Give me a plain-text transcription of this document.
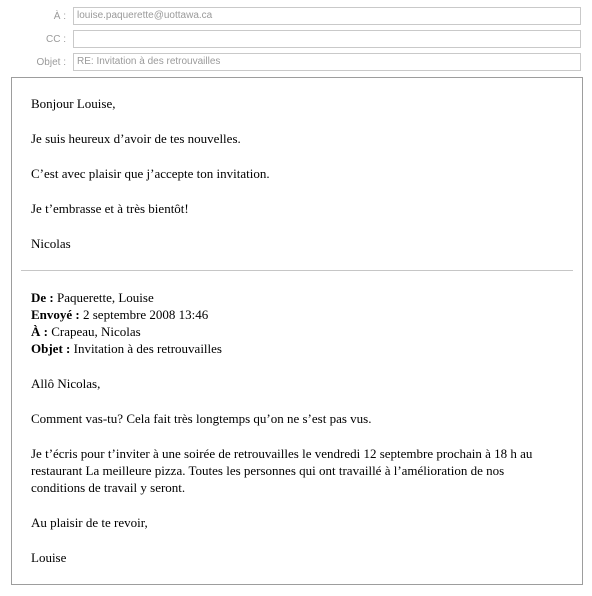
À :	louise.paquerette@uottawa.ca
CC :
Objet :	RE: Invitation à des retrouvailles
Bonjour Louise,
Je suis heureux d’avoir de tes nouvelles.
C’est avec plaisir que j’accepte ton invitation.
Je t’embrasse et à très bientôt!
Nicolas
De : Paquerette, Louise
Envoyé : 2 septembre 2008 13:46
À : Crapeau, Nicolas
Objet : Invitation à des retrouvailles
Allô Nicolas,
Comment vas-tu? Cela fait très longtemps qu’on ne s’est pas vus.
Je t’écris pour t’inviter à une soirée de retrouvailles le vendredi 12 septembre prochain à 18 h au
restaurant La meilleure pizza. Toutes les personnes qui ont travaillé à l’amélioration de nos
conditions de travail y seront.
Au plaisir de te revoir,
Louise
